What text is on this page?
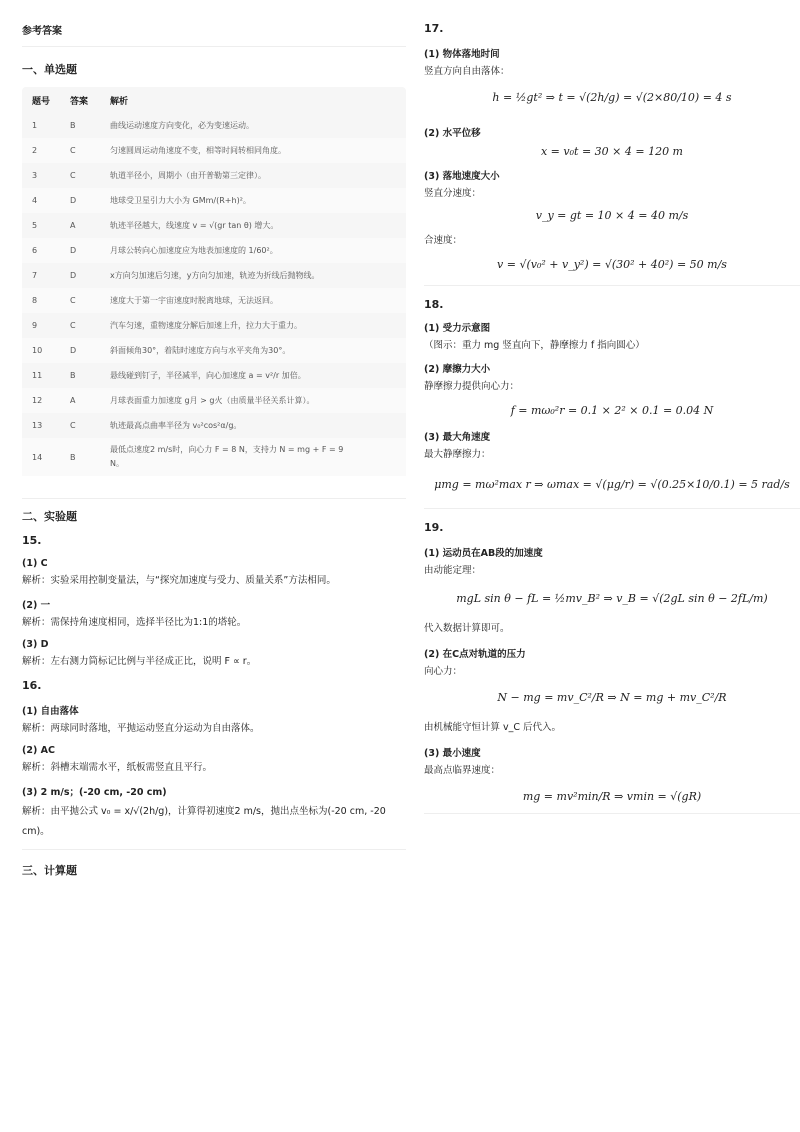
参考答案
一、单选题
题号	答案	解析
1	B	曲线运动速度方向变化，必为变速运动。
2	C	匀速圆周运动角速度不变，相等时间转相同角度。
3	C	轨道半径小，周期小（由开普勒第三定律）。
4	D	地球受卫星引力大小为 GMm/(R+h)²。
5	A	轨迹半径越大，线速度 v = √(gr tan θ) 增大。
6	D	月球公转向心加速度应为地表加速度的 1/60²。
7	D	x方向匀加速后匀速，y方向匀加速，轨迹为折线后抛物线。
8	C	速度大于第一宇宙速度时脱离地球，无法返回。
9	C	汽车匀速，重物速度分解后加速上升，拉力大于重力。
10	D	斜面倾角30°，着陆时速度方向与水平夹角为30°。
11	B	悬线碰到钉子，半径减半，向心加速度 a = v²/r 加倍。
12	A	月球表面重力加速度 g月 > g火（由质量半径关系计算）。
13	C	轨迹最高点曲率半径为 v₀²cos²α/g。
14	B	最低点速度2 m/s时，向心力 F = 8 N，支持力 N = mg + F = 9 N。
二、实验题
15.
(1) C
解析：实验采用控制变量法，与“探究加速度与受力、质量关系”方法相同。
(2) 一
解析：需保持角速度相同，选择半径比为1:1的塔轮。
(3) D
解析：左右测力筒标记比例与半径成正比，说明 F ∝ r。
16.
(1) 自由落体
解析：两球同时落地，平抛运动竖直分运动为自由落体。
(2) AC
解析：斜槽末端需水平，纸板需竖直且平行。
(3) 2 m/s；(-20 cm, -20 cm)
解析：由平抛公式 v₀ = x/√(2h/g)，计算得初速度2 m/s，抛出点坐标为(-20 cm, -20
cm)。
三、计算题
17.
(1) 物体落地时间
竖直方向自由落体：
h = ½gt² ⇒ t = √(2h/g) = √(2×80/10) = 4 s
(2) 水平位移
x = v₀t = 30 × 4 = 120 m
(3) 落地速度大小
竖直分速度：
v_y = gt = 10 × 4 = 40 m/s
合速度：
v = √(v₀² + v_y²) = √(30² + 40²) = 50 m/s
18.
(1) 受力示意图
（图示：重力 mg 竖直向下，静摩擦力 f 指向圆心）
(2) 摩擦力大小
静摩擦力提供向心力：
f = mω₀²r = 0.1 × 2² × 0.1 = 0.04 N
(3) 最大角速度
最大静摩擦力：
μmg = mω²max r ⇒ ωmax = √(μg/r) = √(0.25×10/0.1) = 5 rad/s
19.
(1) 运动员在AB段的加速度
由动能定理：
mgL sin θ − fL = ½mv_B² ⇒ v_B = √(2gL sin θ − 2fL/m)
代入数据计算即可。
(2) 在C点对轨道的压力
向心力：
N − mg = mv_C²/R ⇒ N = mg + mv_C²/R
由机械能守恒计算 v_C 后代入。
(3) 最小速度
最高点临界速度：
mg = mv²min/R ⇒ vmin = √(gR)
